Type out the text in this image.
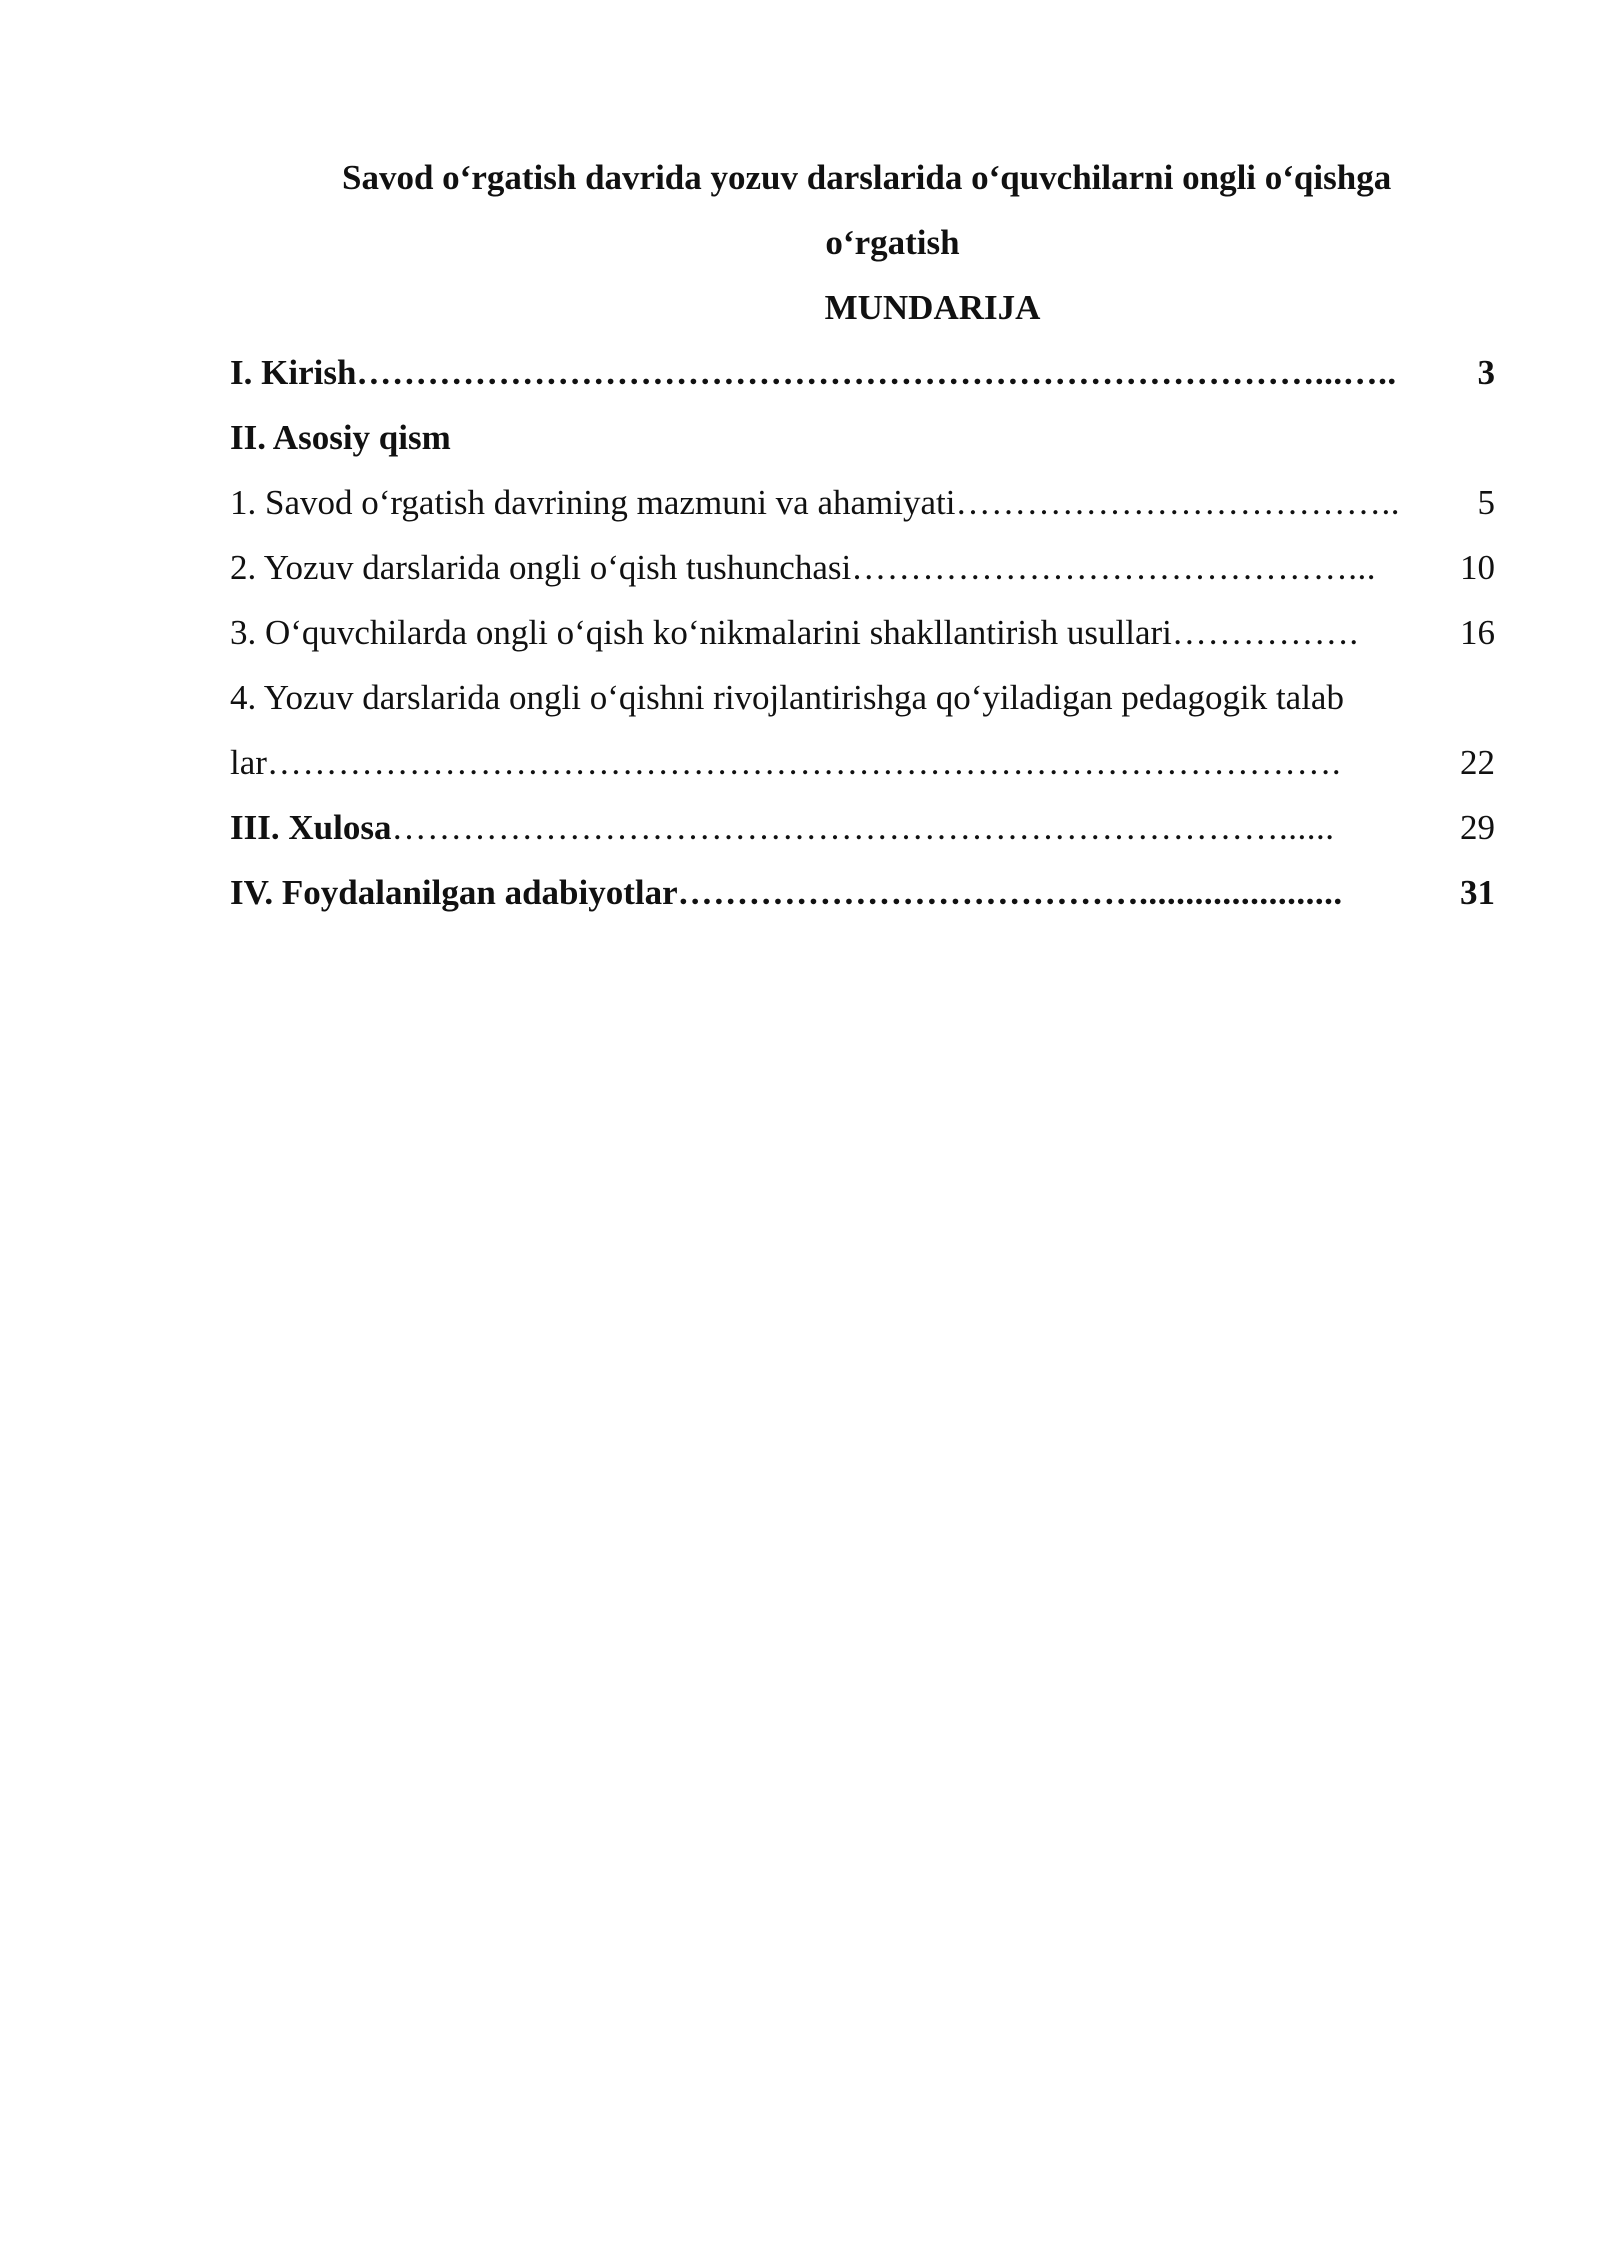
Savod o‘rgatish davrida yozuv darslarida o‘quvchilarni ongli o‘qishga
o‘rgatish
MUNDARIJA
I. Kirish ………………………………………………………………………...…..	3
II. Asosiy qism
1. Savod o‘rgatish davrining mazmuni va ahamiyati ………………………………..	5
2. Yozuv darslarida ongli o‘qish tushunchasi ……………………………………...	10
3. O‘quvchilarda ongli o‘qish ko‘nikmalarini shakllantirish usullari …………….	16
4. Yozuv darslarida ongli o‘qishni rivojlantirishga qo‘yiladigan pedagogik talab
lar ……………………………………………………………………………….	22
III. Xulosa …………………………………………………………………......	29
IV. Foydalanilgan adabiyotlar …………………………………......................	31
